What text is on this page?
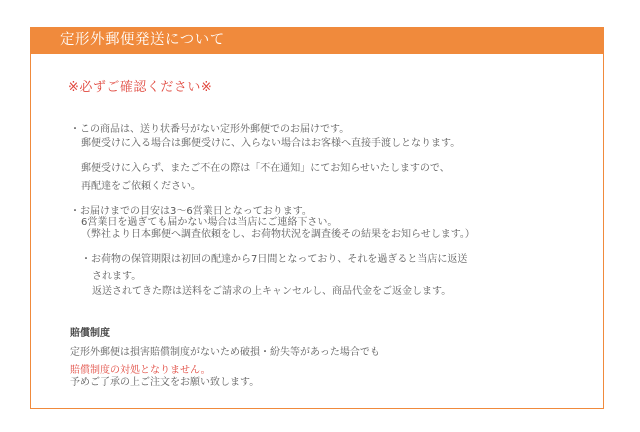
定形外郵便発送について
※必ずご確認ください※
・この商品は、送り状番号がない定形外郵便でのお届けです。
郵便受けに入る場合は郵便受けに、入らない場合はお客様へ直接手渡しとなります。
郵便受けに入らず、またご不在の際は「不在通知」にてお知らせいたしますので、
再配達をご依頼ください。
・お届けまでの目安は3〜6営業日となっております。
6営業日を過ぎても届かない場合は当店にご連絡下さい。
（弊社より日本郵便へ調査依頼をし、お荷物状況を調査後その結果をお知らせします。）
・お荷物の保管期限は初回の配達から7日間となっており、それを過ぎると当店に返送
されます。
返送されてきた際は送料をご請求の上キャンセルし、商品代金をご返金します。
賠償制度
定形外郵便は損害賠償制度がないため破損・紛失等があった場合でも
賠償制度の対処となりません。
予めご了承の上ご注文をお願い致します。
